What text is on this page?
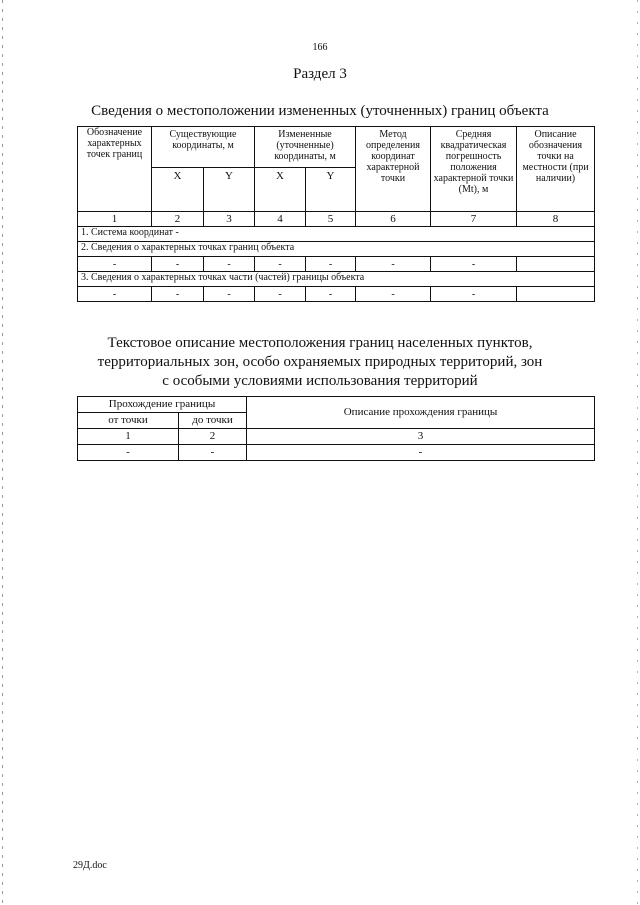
166
Раздел 3
Сведения о местоположении измененных (уточненных) границ объекта
Обозначение характерных точек границ	Существующие координаты, м		Измененные (уточненные) координаты, м		Метод определения координат характерной точки	Средняя квадратическая погрешность положения характерной точки (Mt), м	Описание обозначения точки на местности (при наличии)
	X	Y	X	Y			
1	2	3	4	5	6	7	8
1. Система координат -							
2. Сведения о характерных точках границ объекта							
-	-	-	-	-	-	-	
3. Сведения о характерных точках части (частей) границы объекта							
-	-	-	-	-	-	-	
Текстовое описание местоположения границ населенных пунктов,
территориальных зон, особо охраняемых природных территорий, зон
с особыми условиями использования территорий
Прохождение границы		Описание прохождения границы
от точки	до точки	
1	2	3
-	-	-
29Д.doc
